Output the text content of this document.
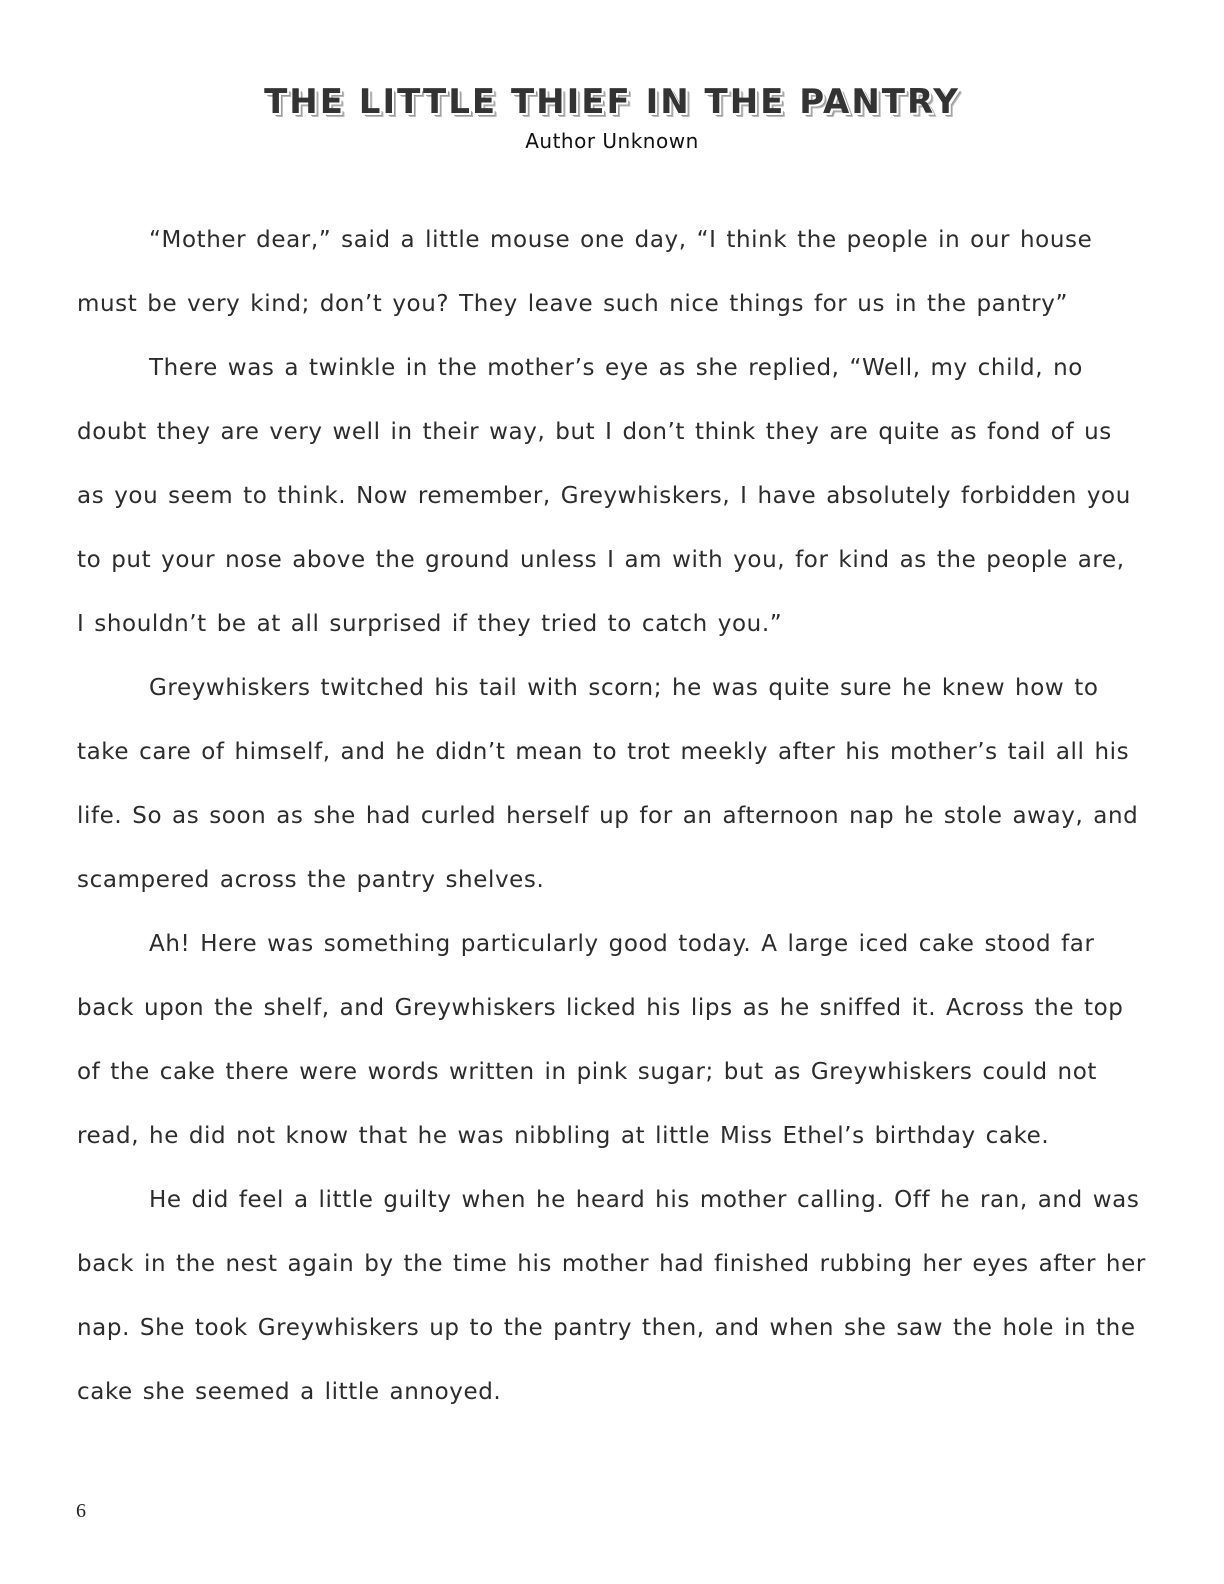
THE LITTLE THIEF IN THE PANTRY
Author Unknown
“Mother dear,” said a little mouse one day, “I think the people in our house
must be very kind; don’t you? They leave such nice things for us in the pantry”
There was a twinkle in the mother’s eye as she replied, “Well, my child, no
doubt they are very well in their way, but I don’t think they are quite as fond of us
as you seem to think. Now remember, Greywhiskers, I have absolutely forbidden you
to put your nose above the ground unless I am with you, for kind as the people are,
I shouldn’t be at all surprised if they tried to catch you.”
Greywhiskers twitched his tail with scorn; he was quite sure he knew how to
take care of himself, and he didn’t mean to trot meekly after his mother’s tail all his
life. So as soon as she had curled herself up for an afternoon nap he stole away, and
scampered across the pantry shelves.
Ah! Here was something particularly good today. A large iced cake stood far
back upon the shelf, and Greywhiskers licked his lips as he sniffed it. Across the top
of the cake there were words written in pink sugar; but as Greywhiskers could not
read, he did not know that he was nibbling at little Miss Ethel’s birthday cake.
He did feel a little guilty when he heard his mother calling. Off he ran, and was
back in the nest again by the time his mother had finished rubbing her eyes after her
nap. She took Greywhiskers up to the pantry then, and when she saw the hole in the
cake she seemed a little annoyed.
6
